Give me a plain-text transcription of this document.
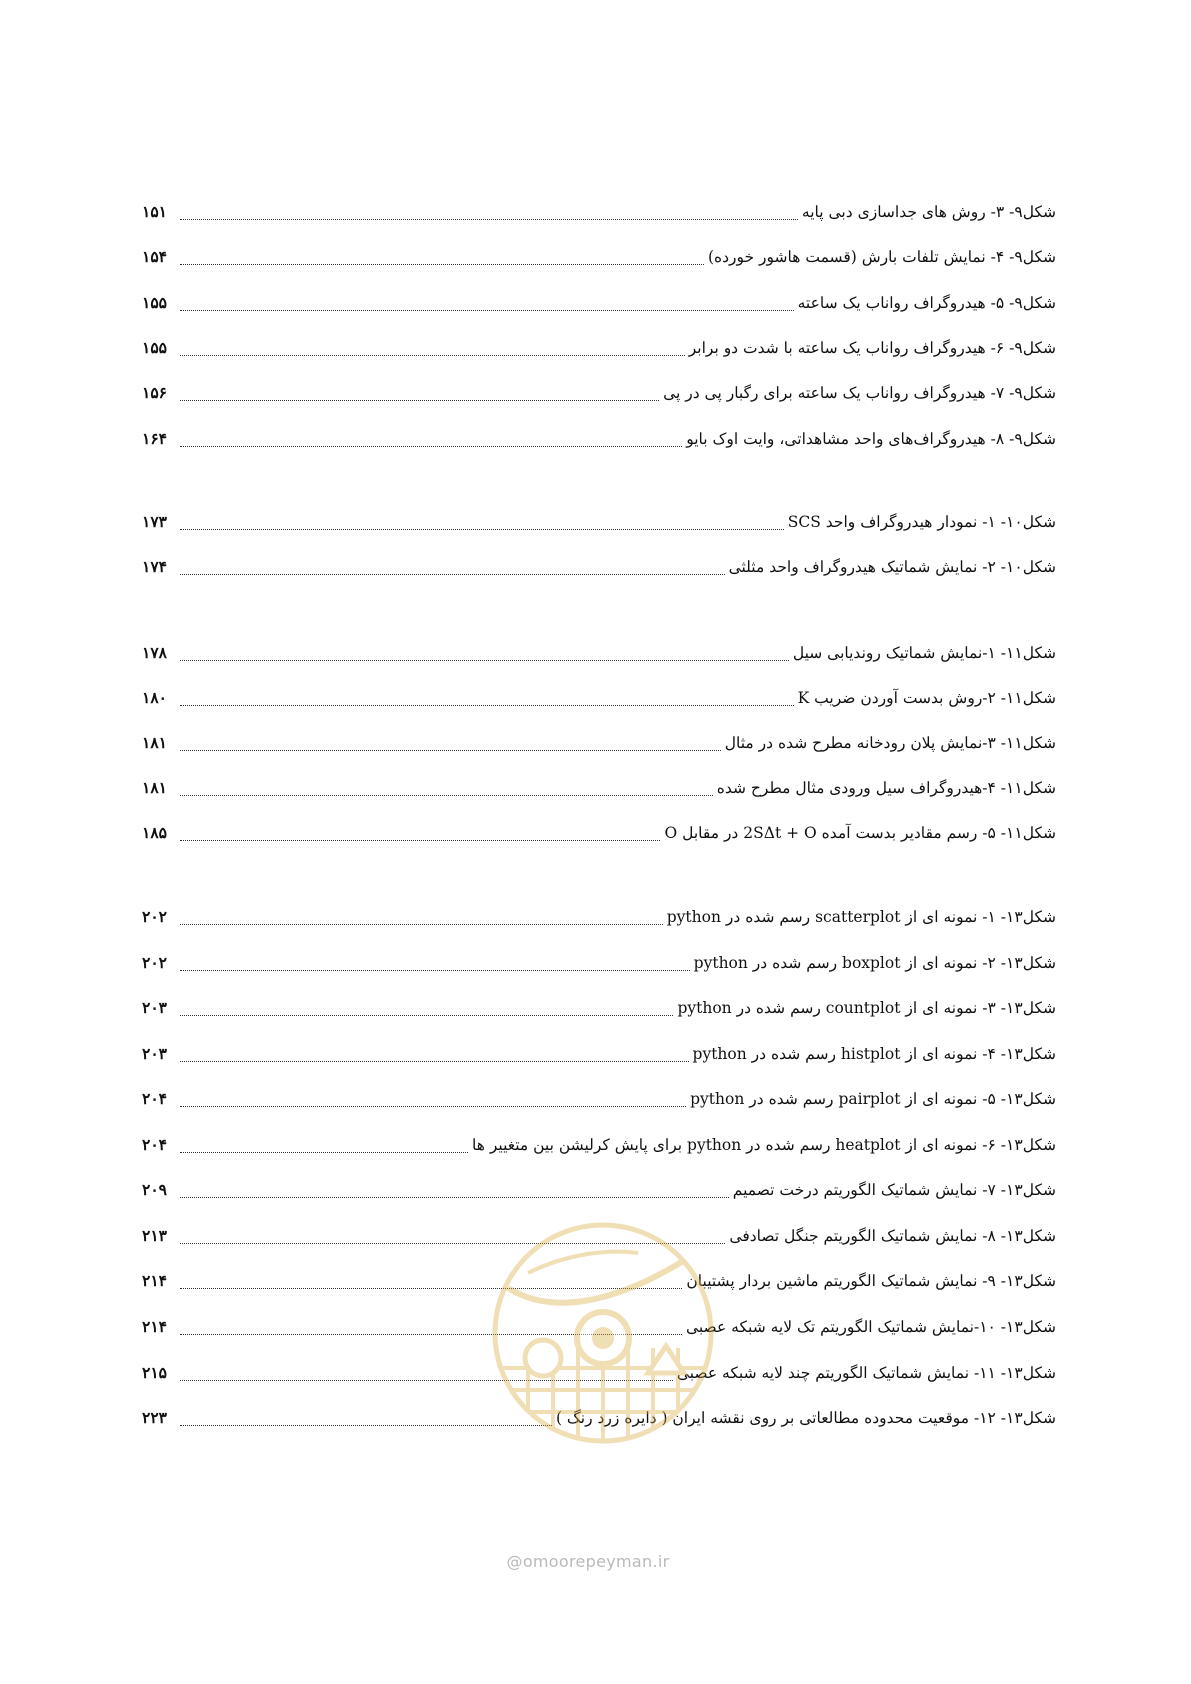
شکل۹- ۳- روش های جداسازی دبی پایه
۱۵۱
شکل۹- ۴- نمایش تلفات بارش (قسمت هاشور خورده)
۱۵۴
شکل۹- ۵- هیدروگراف رواناب یک ساعته
۱۵۵
شکل۹- ۶- هیدروگراف رواناب یک ساعته با شدت دو برابر
۱۵۵
شکل۹- ۷- هیدروگراف رواناب یک ساعته برای رگبار پی در پی
۱۵۶
شکل۹- ۸- هیدروگراف‌های واحد مشاهداتی، وایت اوک بایو
۱۶۴
شکل۱۰- ۱- نمودار هیدروگراف واحد SCS
۱۷۳
شکل۱۰- ۲- نمایش شماتیک هیدروگراف واحد مثلثی
۱۷۴
شکل۱۱- ۱-نمایش شماتیک روندیابی سیل
۱۷۸
شکل۱۱- ۲-روش بدست آوردن ضریب K
۱۸۰
شکل۱۱- ۳-نمایش پلان رودخانه مطرح شده در مثال
۱۸۱
شکل۱۱- ۴-هیدروگراف سیل ورودی مثال مطرح شده
۱۸۱
شکل۱۱- ۵- رسم مقادیر بدست آمده 2SΔt + O در مقابل O
۱۸۵
شکل۱۳- ۱- نمونه ای از scatterplot رسم شده در python
۲۰۲
شکل۱۳- ۲- نمونه ای از boxplot رسم شده در python
۲۰۲
شکل۱۳- ۳- نمونه ای از countplot رسم شده در python
۲۰۳
شکل۱۳- ۴- نمونه ای از histplot رسم شده در python
۲۰۳
شکل۱۳- ۵- نمونه ای از pairplot رسم شده در python
۲۰۴
شکل۱۳- ۶- نمونه ای از heatplot رسم شده در python برای پایش کرلیشن بین متغییر ها
۲۰۴
شکل۱۳- ۷- نمایش شماتیک الگوریتم درخت تصمیم
۲۰۹
شکل۱۳- ۸- نمایش شماتیک الگوریتم جنگل تصادفی
۲۱۳
شکل۱۳- ۹- نمایش شماتیک الگوریتم ماشین بردار پشتیبان
۲۱۴
شکل۱۳- ۱۰-نمایش شماتیک الگوریتم تک لایه شبکه عصبی
۲۱۴
شکل۱۳- ۱۱- نمایش شماتیک الگوریتم چند لایه شبکه عصبی
۲۱۵
شکل۱۳- ۱۲- موقعیت محدوده مطالعاتی بر روی نقشه ایران ( دایره زرد رنگ )
۲۲۳
@omoorepeyman.ir
